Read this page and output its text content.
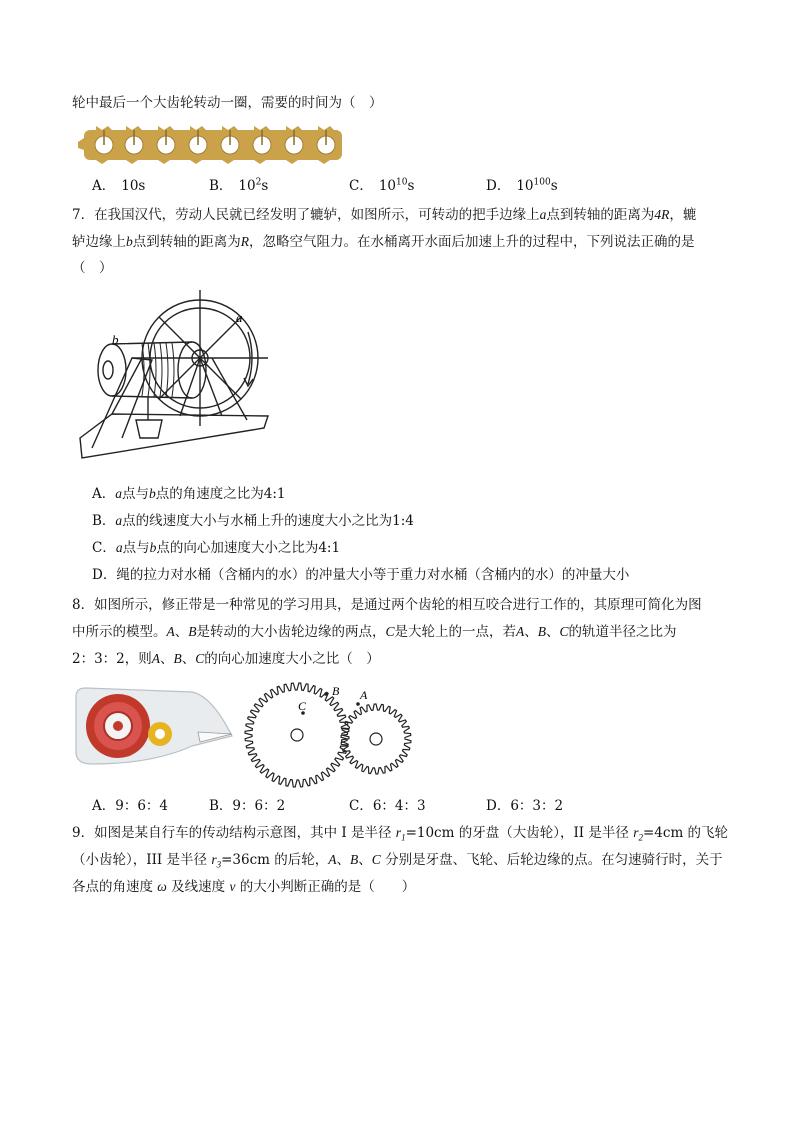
轮中最后一个大齿轮转动一圈，需要的时间为（　）
A． 10s	B． $10^2s$	C． $10^{10}s$	D． $10^{100}s$
7．在我国汉代，劳动人民就已经发明了辘轳，如图所示，可转动的把手边缘上a点到转轴的距离为4R，辘
轳边缘上b点到转轴的距离为R，忽略空气阻力。在水桶离开水面后加速上升的过程中，下列说法正确的是
（　）
a
b
A．a点与b点的角速度之比为4:1
B．a点的线速度大小与水桶上升的速度大小之比为1:4
C．a点与b点的向心加速度大小之比为4:1
D．绳的拉力对水桶（含桶内的水）的冲量大小等于重力对水桶（含桶内的水）的冲量大小
8．如图所示，修正带是一种常见的学习用具，是通过两个齿轮的相互咬合进行工作的，其原理可简化为图
中所示的模型。A、B是转动的大小齿轮边缘的两点，C是大轮上的一点，若A、B、C的轨道半径之比为
2：3：2，则A、B、C的向心加速度大小之比（　）
C
B A
A．9：6：4	B．9：6：2	C．6：4：3	D．6：3：2
9．如图是某自行车的传动结构示意图，其中 I 是半径 $r_1=10cm$ 的牙盘（大齿轮），II 是半径 $r_2=4cm$ 的飞轮
（小齿轮），III 是半径 $r_3=36cm$ 的后轮，A、B、C 分别是牙盘、飞轮、后轮边缘的点。在匀速骑行时，关于
各点的角速度 ω 及线速度 v 的大小判断正确的是（　　）
